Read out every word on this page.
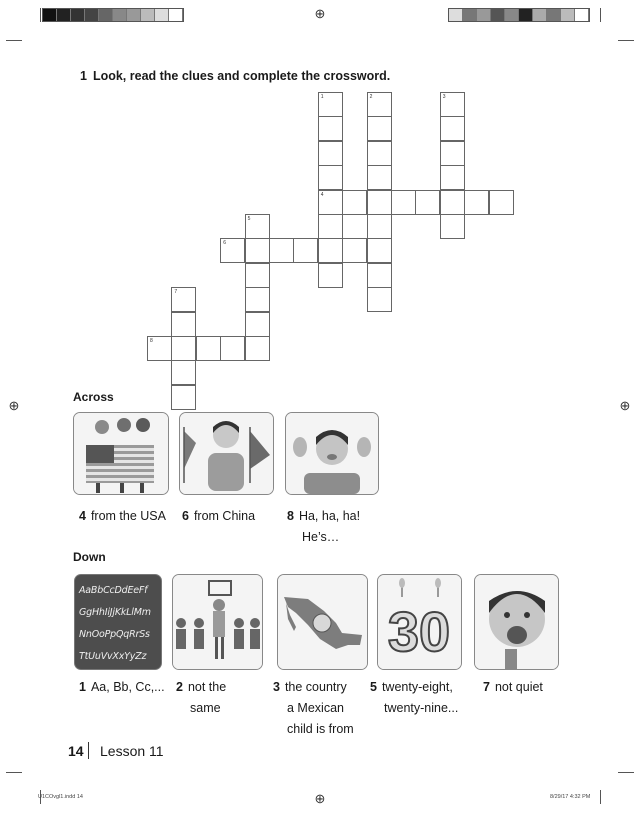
⊕
⊕	⊕
⊕
1 Look, read the clues and complete the crossword.
1
4
2	3
5
6
7
8
Across
4 from the USA 6 from China	8 Ha, ha, ha!
He’s…
Down
AaBbCcDdEeFf
GgHhIiJjKkLlMm
NnOoPpQqRrSs
TtUuVvXxYyZz	30
1 Aa, Bb, Cc,... 2 not the
same
3 the country
a Mexican
child is from
5 twenty-eight,
twenty-nine...
7 not quiet
14 Lesson 11
U1COvgl1.indd 14	8/29/17 4:32 PM
